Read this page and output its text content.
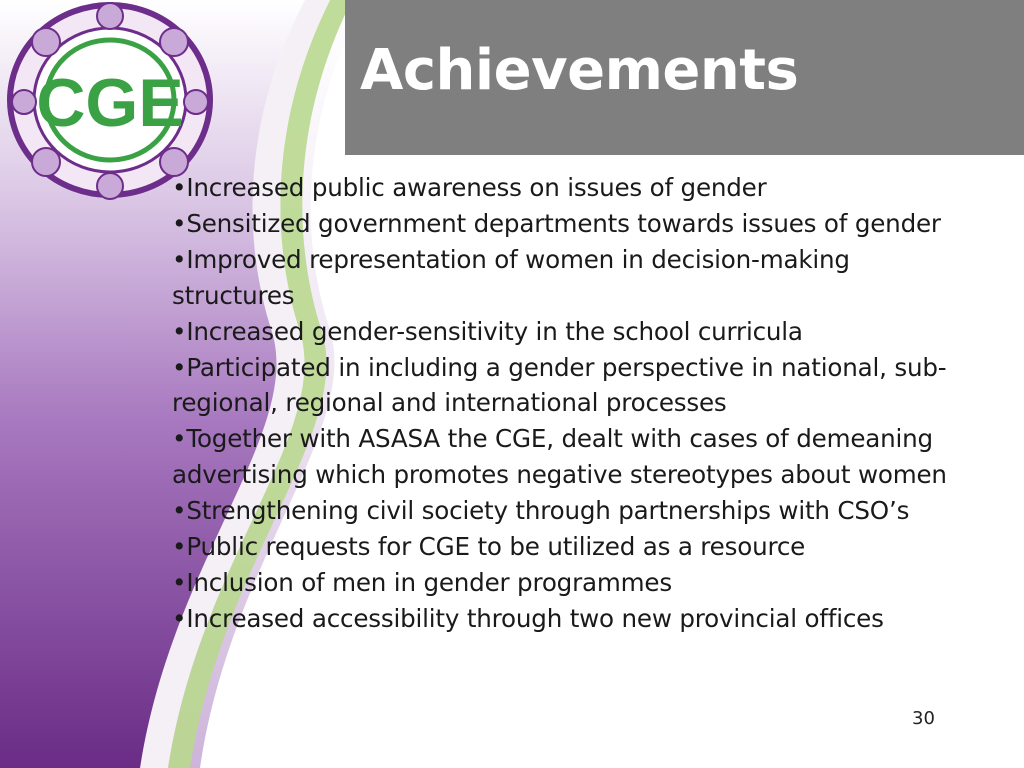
CGE	Achievements
• Increased public awareness on issues of gender
• Sensitized government departments towards issues of gender
• Improved representation of women in decision-making structures
• Increased gender-sensitivity in the school curricula
• Participated in including a gender perspective in national, sub-regional, regional and international processes
• Together with ASASA the CGE, dealt with cases of demeaning advertising which promotes negative stereotypes about women
• Strengthening civil society through partnerships with CSO’s
• Public requests for CGE to be utilized as a resource
• Inclusion of men in gender programmes
• Increased accessibility through two new provincial offices
30
